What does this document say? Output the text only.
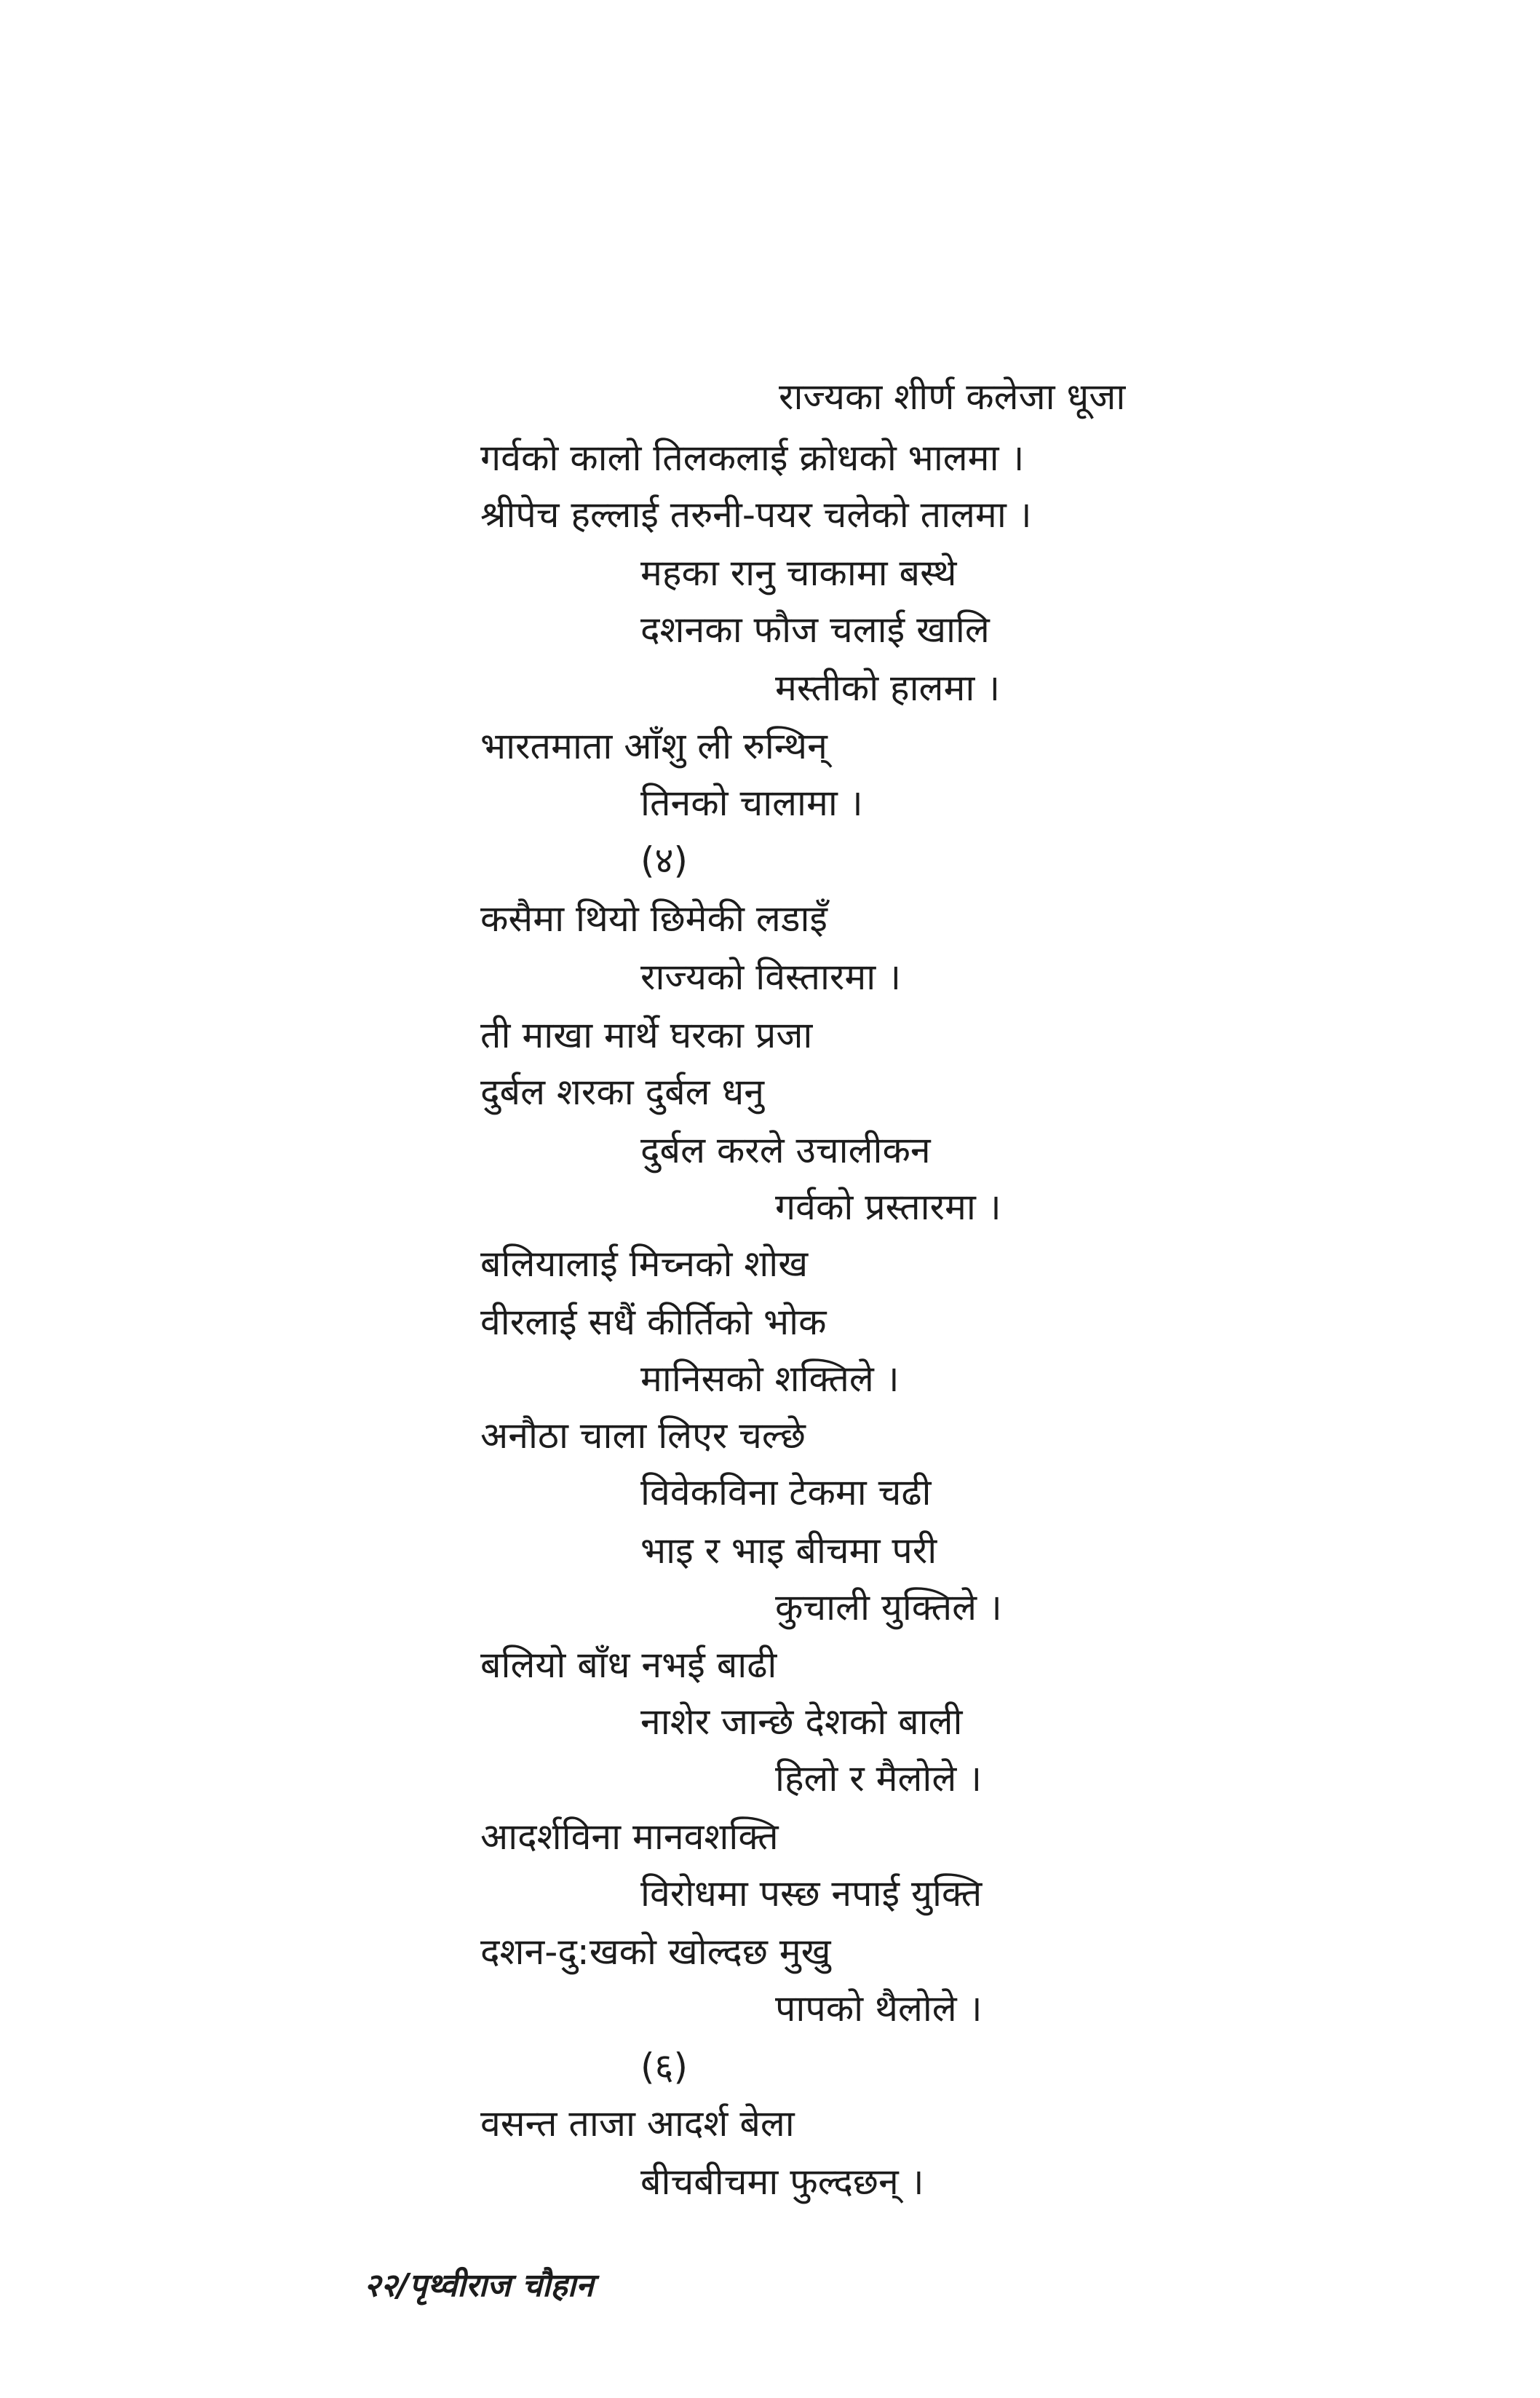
राज्यका शीर्ण कलेजा धूजा
गर्वको कालो तिलकलाई क्रोधको भालमा ।
श्रीपेच हल्लाई तरुनी-पयर चलेको तालमा ।
महका रानु चाकामा बस्थे
दशनका फौज चलाई खालि
मस्तीको हालमा ।
भारतमाता आँशु ली रुन्थिन्
तिनको चालामा ।
(४)
कसैमा थियो छिमेकी लडाइँ
राज्यको विस्तारमा ।
ती माखा मार्थे घरका प्रजा
दुर्बल शरका दुर्बल धनु
दुर्बल करले उचालीकन
गर्वको प्रस्तारमा ।
बलियालाई मिच्नको शोख
वीरलाई सधैं कीर्तिको भोक
मानिसको शक्तिले ।
अनौठा चाला लिएर चल्छे
विवेकविना टेकमा चढी
भाइ र भाइ बीचमा परी
कुचाली युक्तिले ।
बलियो बाँध नभई बाढी
नाशेर जान्छे देशको बाली
हिलो र मैलोले ।
आदर्शविना मानवशक्ति
विरोधमा पस्छ नपाई युक्ति
दशन-दु:खको खोल्दछ मुखु
पापको थैलोले ।
(६)
वसन्त ताजा आदर्श बेला
बीचबीचमा फुल्दछन् ।
२२/पृथ्वीराज चौहान
